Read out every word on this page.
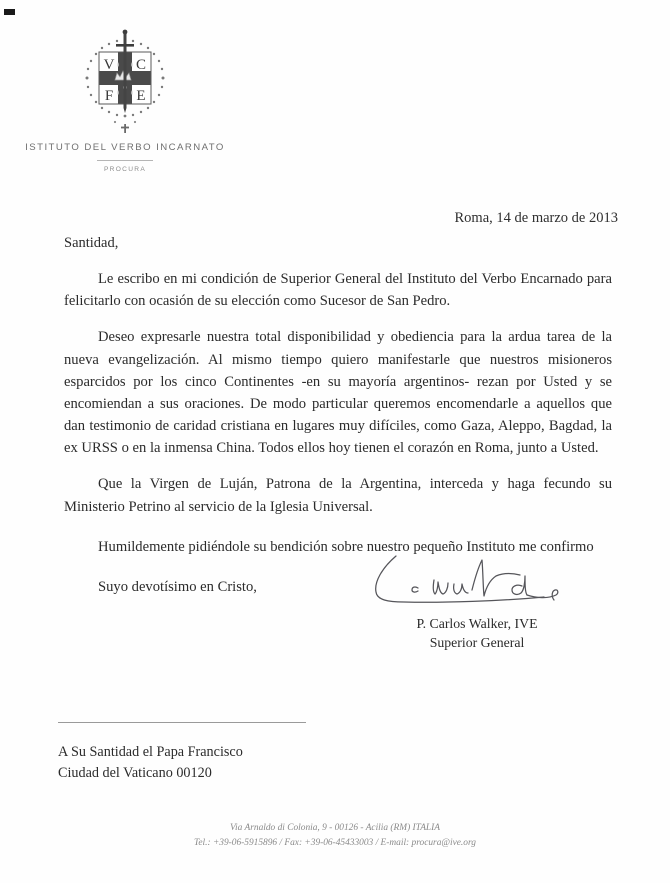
V C
F E
ISTITUTO DEL VERBO INCARNATO
PROCURA
Roma, 14 de marzo de 2013
Santidad,

Le escribo en mi condición de Superior General del Instituto del Verbo Encarnado para felicitarlo con ocasión de su elección como Sucesor de San Pedro.

Deseo expresarle nuestra total disponibilidad y obediencia para la ardua tarea de la nueva evangelización. Al mismo tiempo quiero manifestarle que nuestros misioneros esparcidos por los cinco Continentes -en su mayoría argentinos- rezan por Usted y se encomiendan a sus oraciones. De modo particular queremos encomendarle a aquellos que dan testimonio de caridad cristiana en lugares muy difíciles, como Gaza, Aleppo, Bagdad, la ex URSS o en la inmensa China. Todos ellos hoy tienen el corazón en Roma, junto a Usted.

Que la Virgen de Luján, Patrona de la Argentina, interceda y haga fecundo su Ministerio Petrino al servicio de la Iglesia Universal.

Humildemente pidiéndole su bendición sobre nuestro pequeño Instituto me confirmo

Suyo devotísimo en Cristo,

P. Carlos Walker, IVE
Superior General
A Su Santidad el Papa Francisco
Ciudad del Vaticano 00120
Via Arnaldo di Colonia, 9 - 00126 - Acilia (RM) ITALIA
Tel.: +39-06-5915896 / Fax: +39-06-45433003 / E-mail: procura@ive.org
